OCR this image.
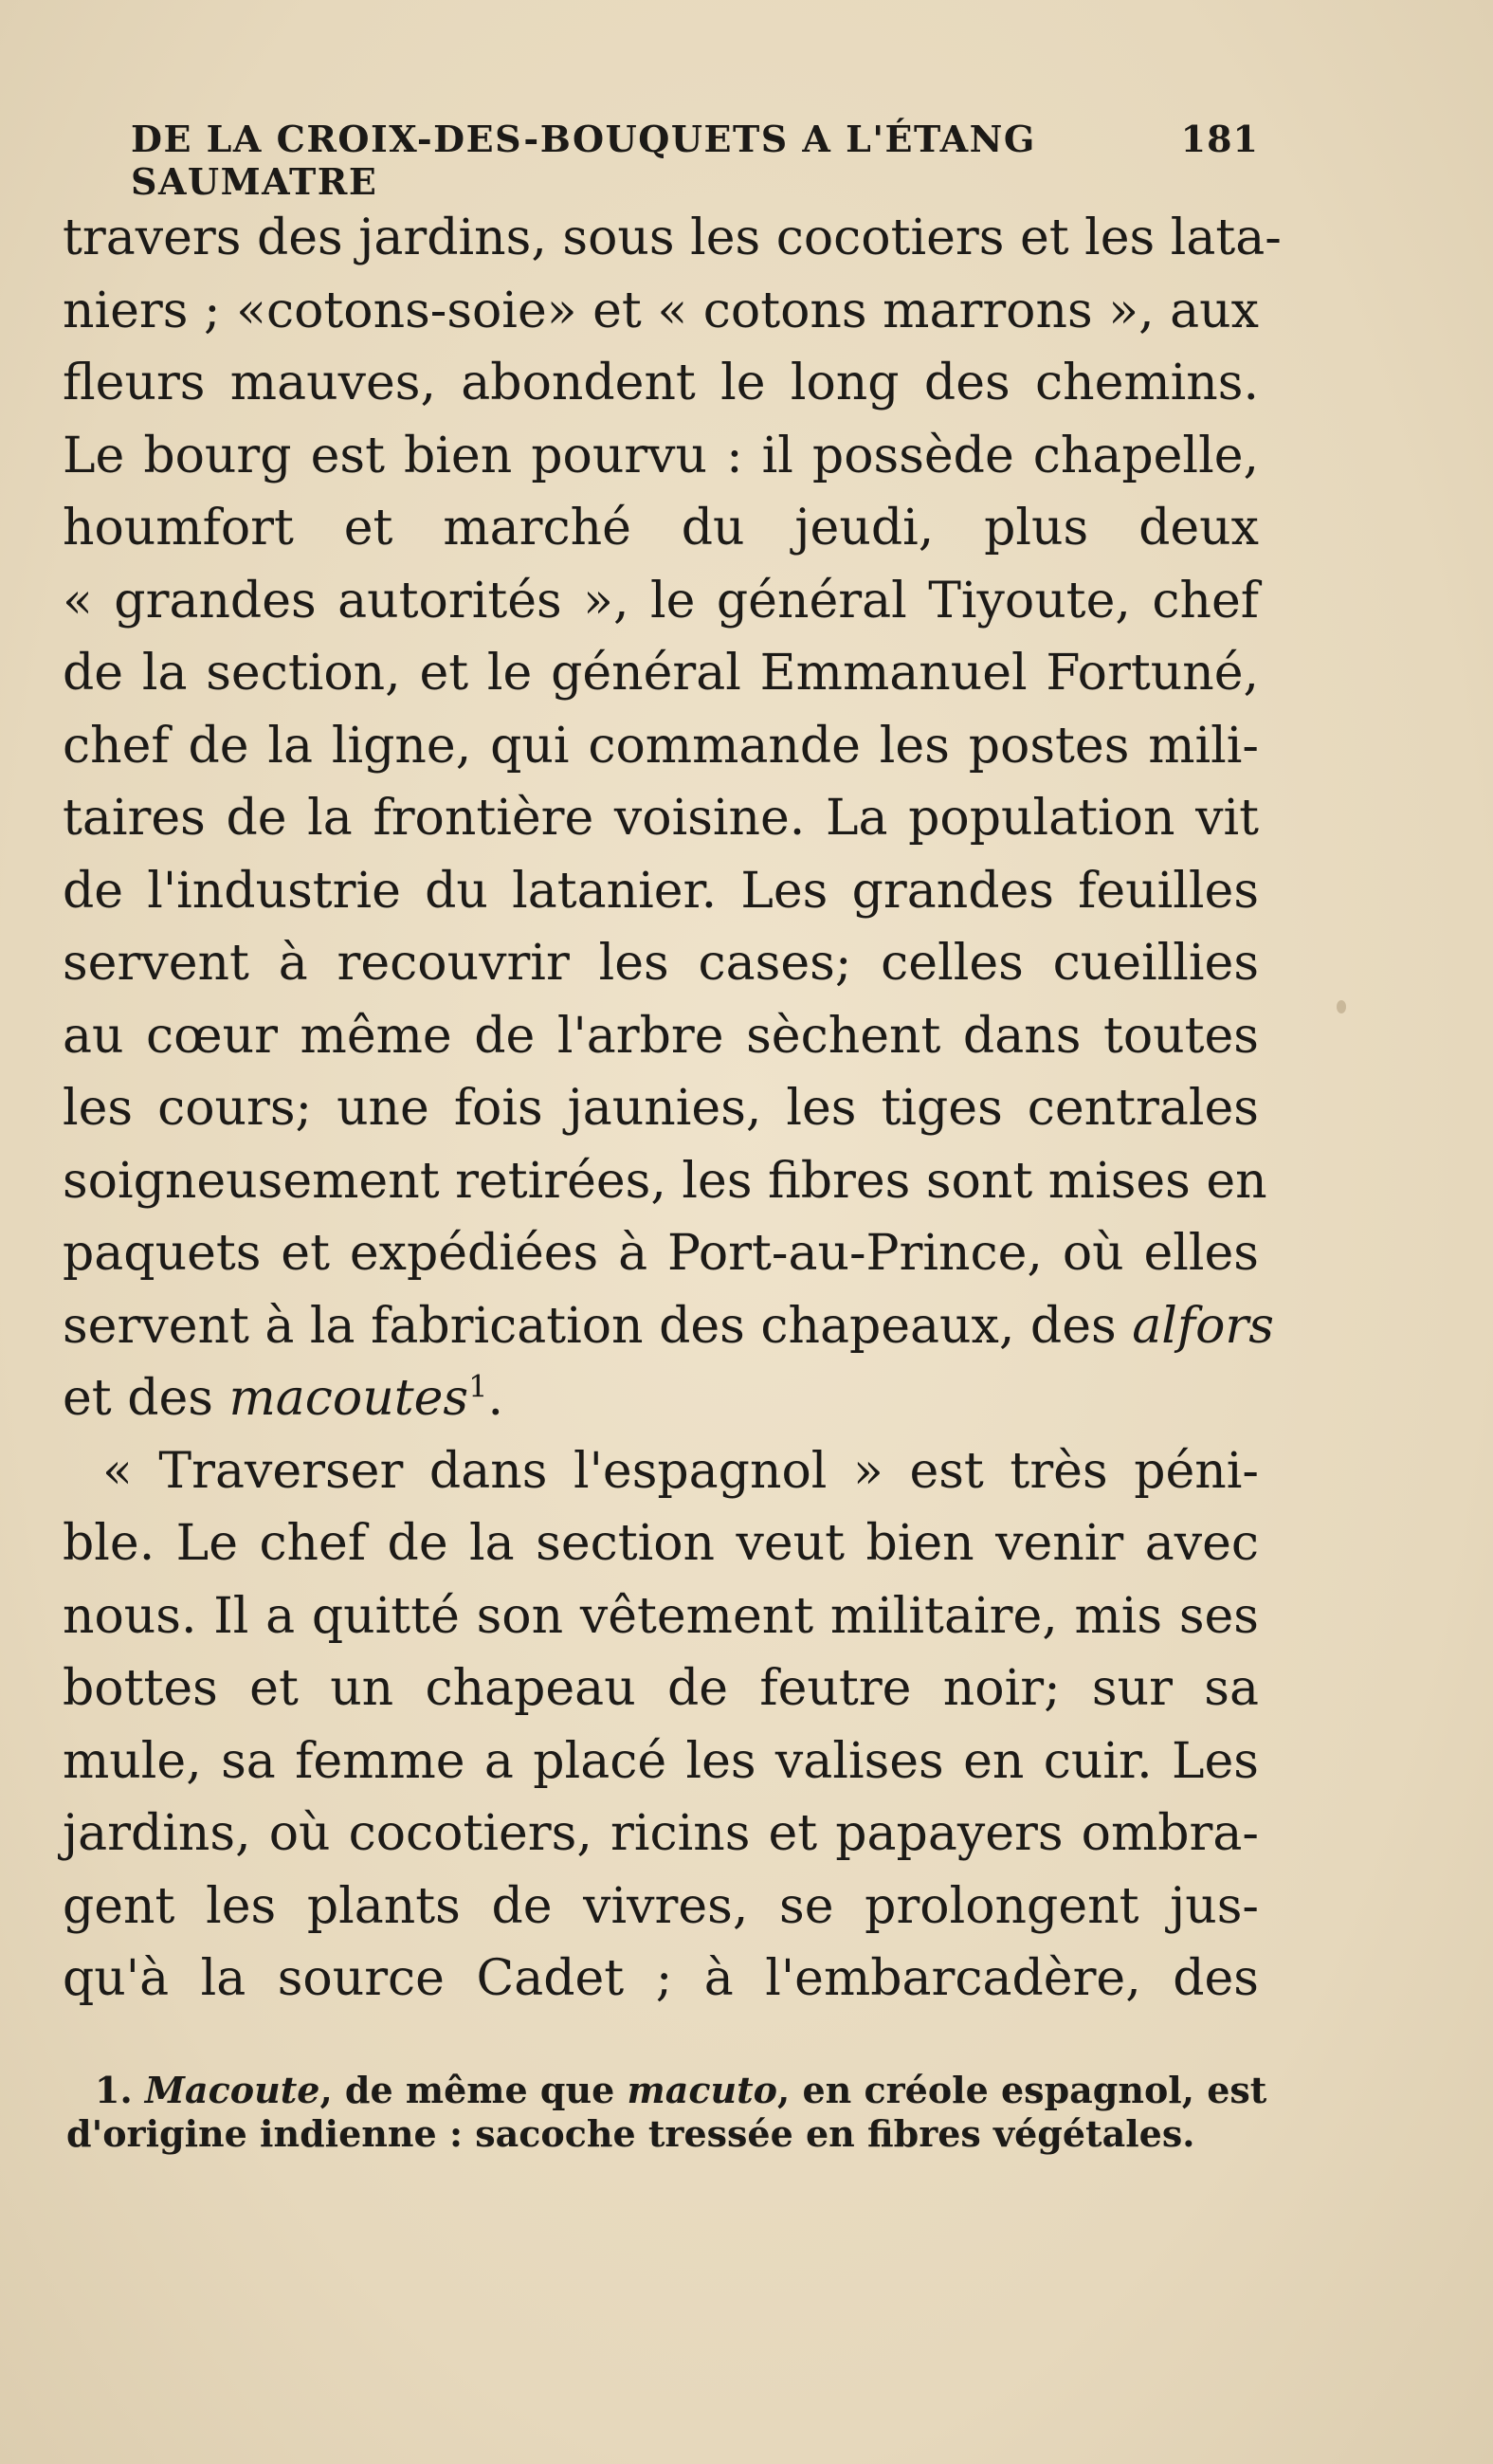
DE LA CROIX-DES-BOUQUETS A L'ÉTANG SAUMATRE
181
travers des jardins, sous les cocotiers et les lata-
niers ; «cotons-soie» et « cotons marrons », aux
fleurs mauves, abondent le long des chemins.
Le bourg est bien pourvu : il possède chapelle,
houmfort et marché du jeudi, plus deux
« grandes autorités », le général Tiyoute, chef
de la section, et le général Emmanuel Fortuné,
chef de la ligne, qui commande les postes mili-
taires de la frontière voisine. La population vit
de l'industrie du latanier. Les grandes feuilles
servent à recouvrir les cases; celles cueillies
au cœur même de l'arbre sèchent dans toutes
les cours; une fois jaunies, les tiges centrales
soigneusement retirées, les fibres sont mises en
paquets et expédiées à Port-au-Prince, où elles
servent à la fabrication des chapeaux, des alfors
et des macoutes$^1$.
« Traverser dans l'espagnol » est très péni-
ble. Le chef de la section veut bien venir avec
nous. Il a quitté son vêtement militaire, mis ses
bottes et un chapeau de feutre noir; sur sa
mule, sa femme a placé les valises en cuir. Les
jardins, où cocotiers, ricins et papayers ombra-
gent les plants de vivres, se prolongent jus-
qu'à la source Cadet ; à l'embarcadère, des
1. Macoute, de même que macuto, en créole espagnol, est
d'origine indienne : sacoche tressée en fibres végétales.
